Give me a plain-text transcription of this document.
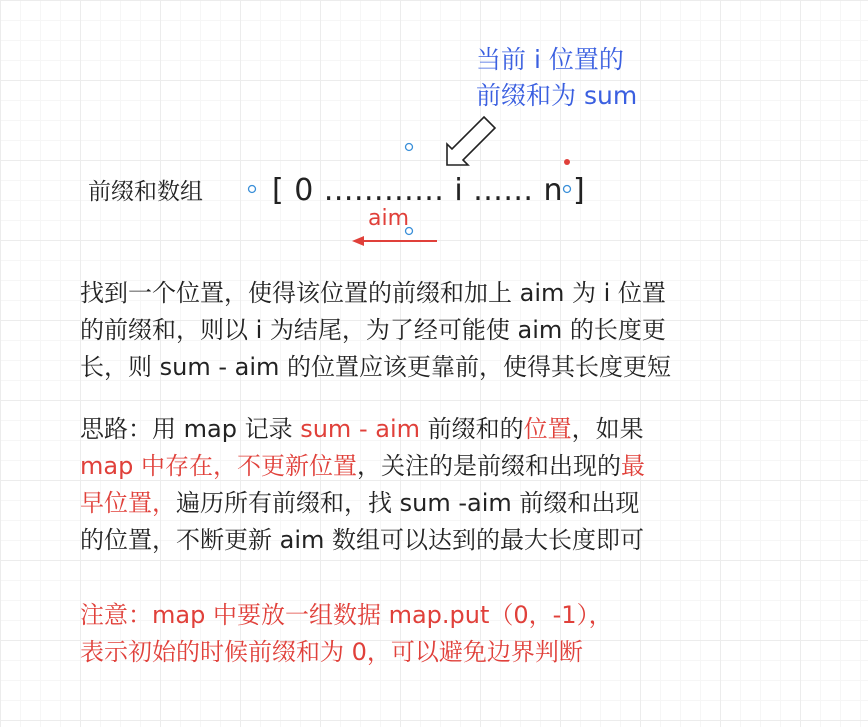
当前 i 位置的
前缀和为 sum
前缀和数组 [ 0 ............ i ...... n ]
aim
找到一个位置，使得该位置的前缀和加上 aim 为 i 位置
的前缀和，则以 i 为结尾，为了经可能使 aim 的长度更
长，则 sum - aim 的位置应该更靠前，使得其长度更短
思路：用 map 记录 sum - aim 前缀和的位置，如果
map 中存在，不更新位置，关注的是前缀和出现的最
早位置，遍历所有前缀和，找 sum -aim 前缀和出现
的位置，不断更新 aim 数组可以达到的最大长度即可
注意：map 中要放一组数据 map.put（0，-1），
表示初始的时候前缀和为 0，可以避免边界判断
